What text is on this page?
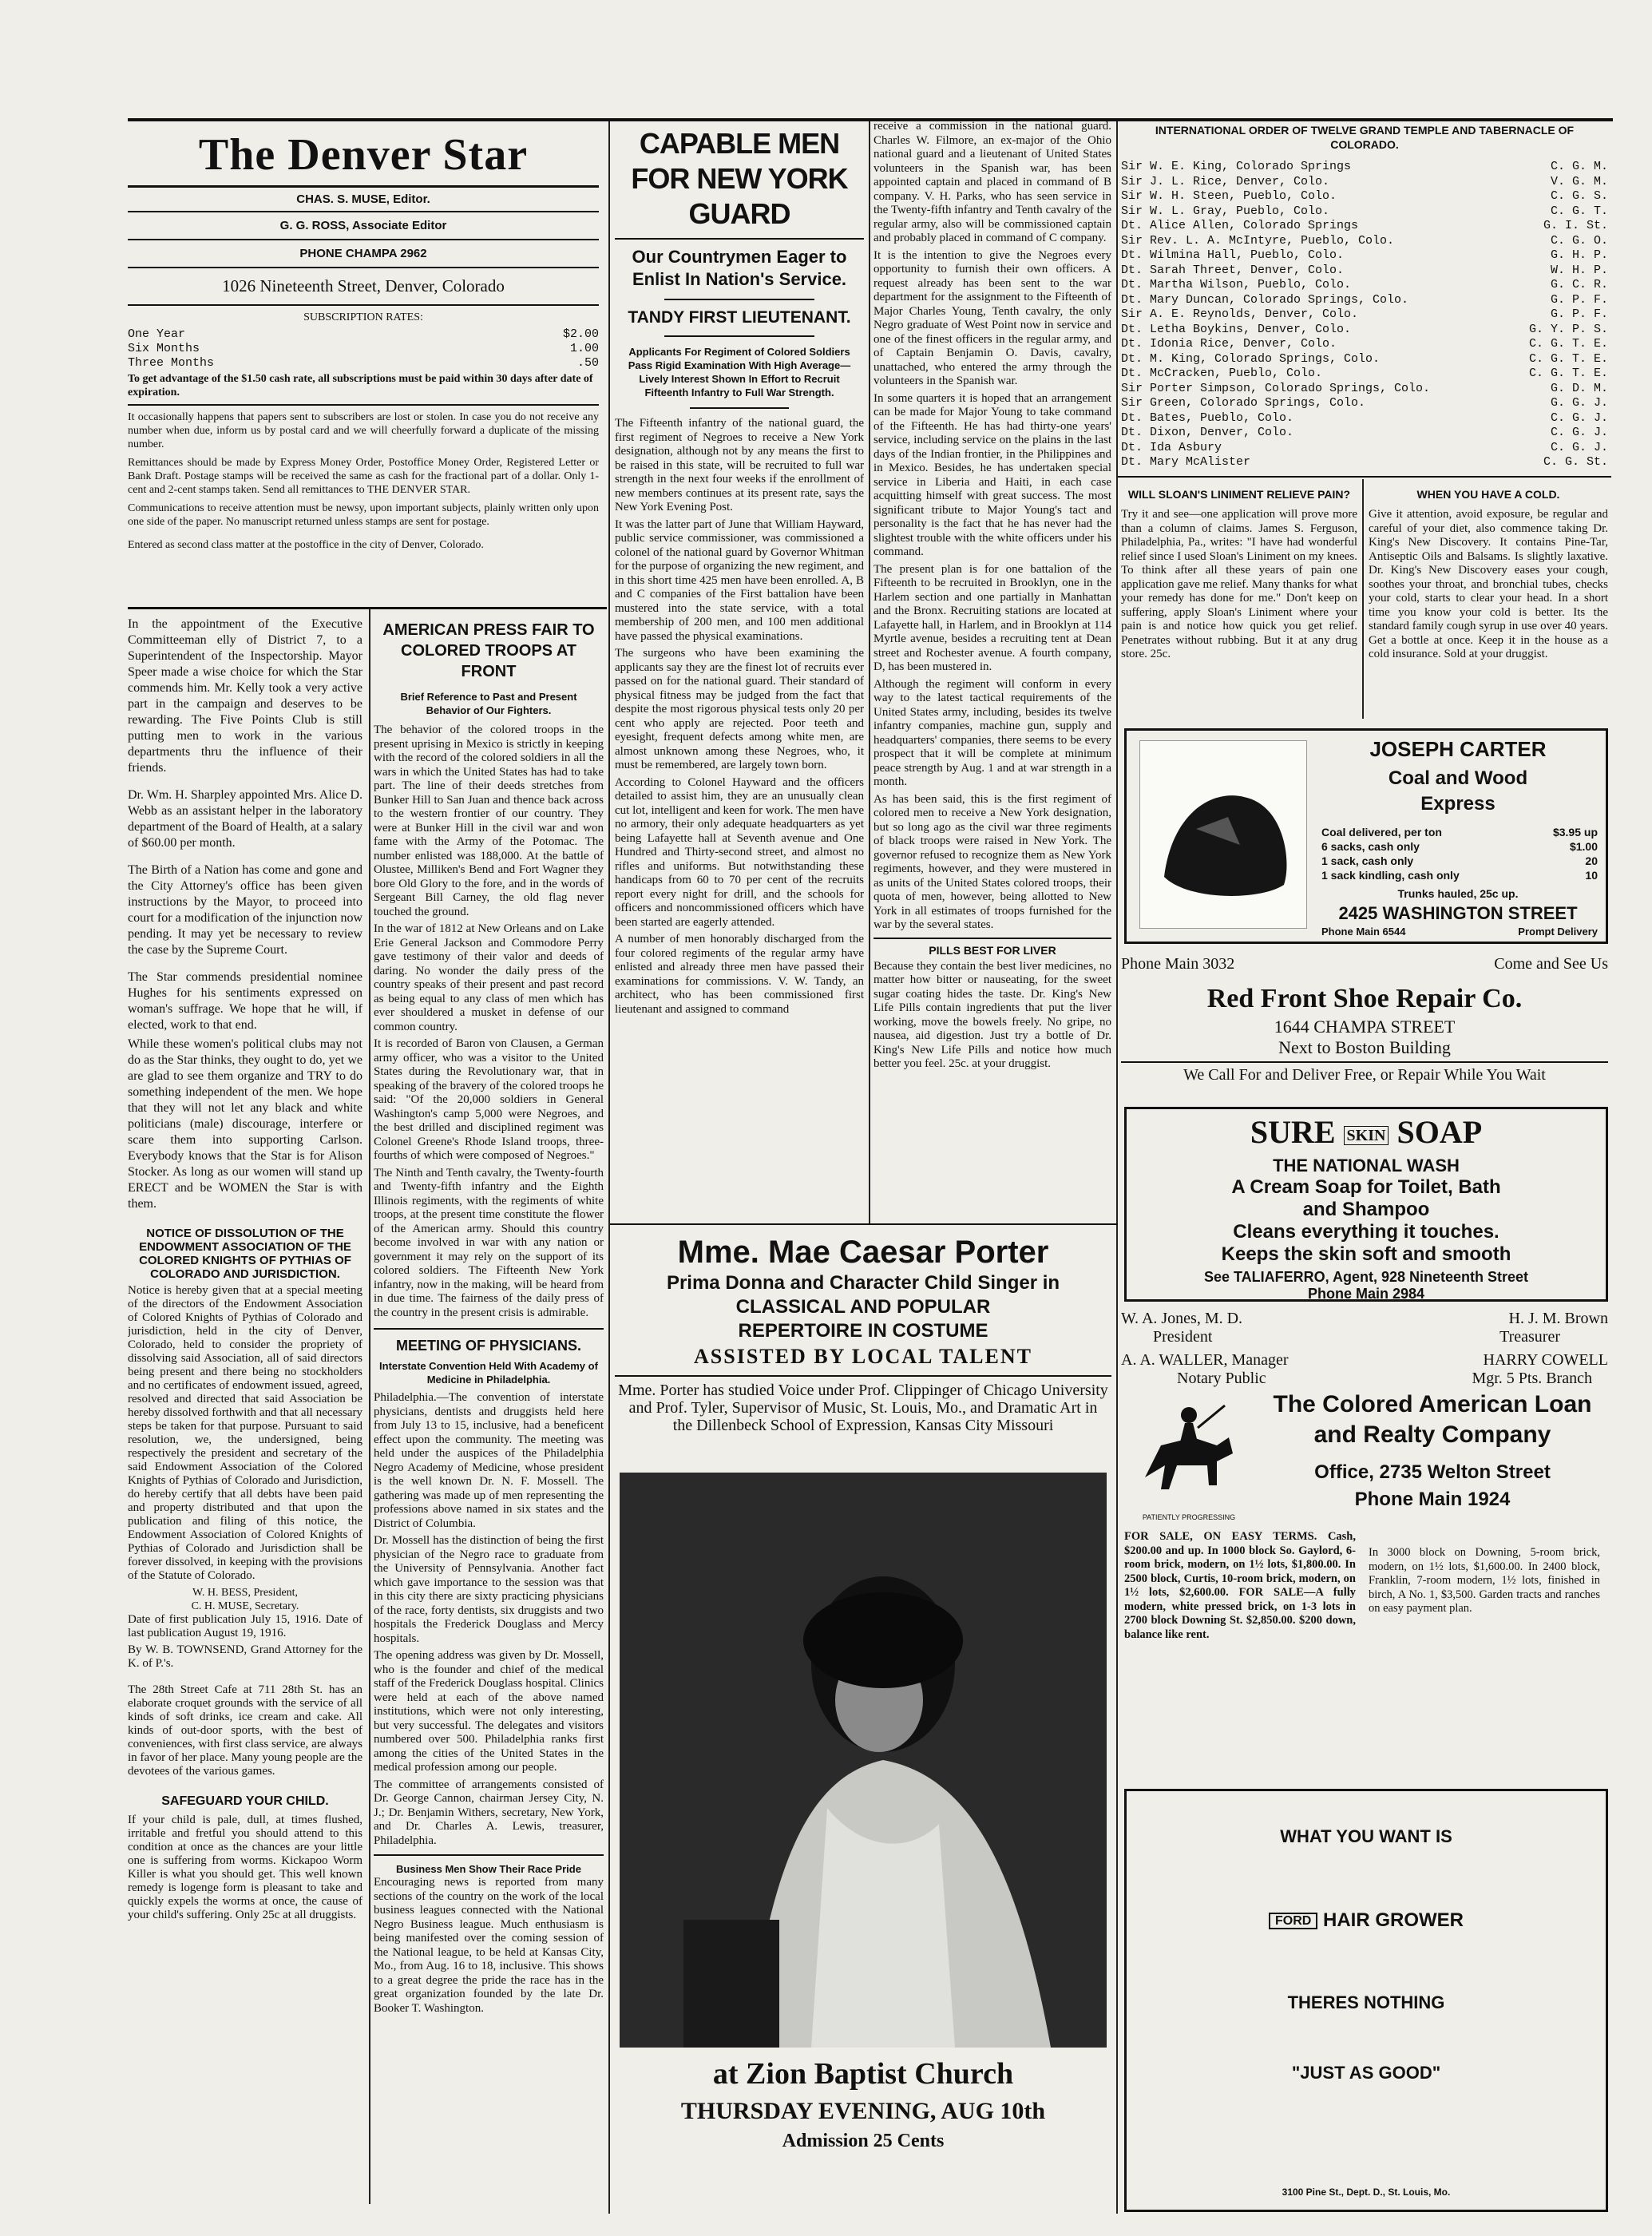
The Denver Star
CHAS. S. MUSE, Editor.
G. G. ROSS, Associate Editor
PHONE CHAMPA 2962
1026 Nineteenth Street, Denver, Colorado
SUBSCRIPTION RATES:
One Year	$2.00
Six Months	1.00
Three Months	.50
To get advantage of the $1.50 cash rate, all subscriptions must be paid within 30 days after date of expiration.
It occasionally happens that papers sent to subscribers are lost or stolen. In case you do not receive any number when due, inform us by postal card and we will cheerfully forward a duplicate of the missing number.
Remittances should be made by Express Money Order, Postoffice Money Order, Registered Letter or Bank Draft. Postage stamps will be received the same as cash for the fractional part of a dollar. Only 1-cent and 2-cent stamps taken. Send all remittances to THE DENVER STAR.
Communications to receive attention must be newsy, upon important subjects, plainly written only upon one side of the paper. No manuscript returned unless stamps are sent for postage.
Entered as second class matter at the postoffice in the city of Denver, Colorado.

In the appointment of the Executive Committeeman elly of District 7, to a Superintendent of the Inspectorship. Mayor Speer made a wise choice for which the Star commends him. Mr. Kelly took a very active part in the campaign and deserves to be rewarding. The Five Points Club is still putting men to work in the various departments thru the influence of their friends.

Dr. Wm. H. Sharpley appointed Mrs. Alice D. Webb as an assistant helper in the laboratory department of the Board of Health, at a salary of $60.00 per month.

The Birth of a Nation has come and gone and the City Attorney's office has been given instructions by the Mayor, to proceed into court for a modification of the injunction now pending. It may yet be necessary to review the case by the Supreme Court.

The Star commends presidential nominee Hughes for his sentiments expressed on woman's suffrage. We hope that he will, if elected, work to that end.

While these women's political clubs may not do as the Star thinks, they ought to do, yet we are glad to see them organize and TRY to do something independent of the men. We hope that they will not let any black and white politicians (male) discourage, interfere or scare them into supporting Carlson. Everybody knows that the Star is for Alison Stocker. As long as our women will stand up ERECT and be WOMEN the Star is with them.

NOTICE OF DISSOLUTION OF THE ENDOWMENT ASSOCIATION OF THE COLORED KNIGHTS OF PYTHIAS OF COLORADO AND JURISDICTION.

Notice is hereby given that at a special meeting of the directors of the Endowment Association of Colored Knights of Pythias of Colorado and jurisdiction, held in the city of Denver, Colorado, held to consider the propriety of dissolving said Association, all of said directors being present and there being no stockholders and no certificates of endowment issued, agreed, resolved and directed that said Association be hereby dissolved forthwith and that all necessary steps be taken for that purpose. Pursuant to said resolution, we, the undersigned, being respectively the president and secretary of the said Endowment Association of the Colored Knights of Pythias of Colorado and Jurisdiction, do hereby certify that all debts have been paid and property distributed and that upon the publication and filing of this notice, the Endowment Association of Colored Knights of Pythias of Colorado and Jurisdiction shall be forever dissolved, in keeping with the provisions of the Statute of Colorado.

W. H. BESS, President,
C. H. MUSE, Secretary.

Date of first publication July 15, 1916. Date of last publication August 19, 1916.

By W. B. TOWNSEND, Grand Attorney for the K. of P.'s.

The 28th Street Cafe at 711 28th St. has an elaborate croquet grounds with the service of all kinds of soft drinks, ice cream and cake. All kinds of out-door sports, with the best of conveniences, with first class service, are always in favor of her place. Many young people are the devotees of the various games.

SAFEGUARD YOUR CHILD.

If your child is pale, dull, at times flushed, irritable and fretful you should attend to this condition at once as the chances are your little one is suffering from worms. Kickapoo Worm Killer is what you should get. This well known remedy is logenge form is pleasant to take and quickly expels the worms at once, the cause of your child's suffering. Only 25c at all druggists.

AMERICAN PRESS FAIR TO COLORED TROOPS AT FRONT
Brief Reference to Past and Present Behavior of Our Fighters.

The behavior of the colored troops in the present uprising in Mexico is strictly in keeping with the record of the colored soldiers in all the wars in which the United States has had to take part. The line of their deeds stretches from Bunker Hill to San Juan and thence back across to the western frontier of our country. They were at Bunker Hill in the civil war and won fame with the Army of the Potomac. The number enlisted was 188,000. At the battle of Olustee, Milliken's Bend and Fort Wagner they bore Old Glory to the fore, and in the words of Sergeant Bill Carney, the old flag never touched the ground.

In the war of 1812 at New Orleans and on Lake Erie General Jackson and Commodore Perry gave testimony of their valor and deeds of daring. No wonder the daily press of the country speaks of their present and past record as being equal to any class of men which has ever shouldered a musket in defense of our common country.

It is recorded of Baron von Clausen, a German army officer, who was a visitor to the United States during the Revolutionary war, that in speaking of the bravery of the colored troops he said: "Of the 20,000 soldiers in General Washington's camp 5,000 were Negroes, and the best drilled and disciplined regiment was Colonel Greene's Rhode Island troops, three-fourths of which were composed of Negroes."

The Ninth and Tenth cavalry, the Twenty-fourth and Twenty-fifth infantry and the Eighth Illinois regiments, with the regiments of white troops, at the present time constitute the flower of the American army. Should this country become involved in war with any nation or government it may rely on the support of its colored soldiers. The Fifteenth New York infantry, now in the making, will be heard from in due time. The fairness of the daily press of the country in the present crisis is admirable.

MEETING OF PHYSICIANS.
Interstate Convention Held With Academy of Medicine in Philadelphia.

Philadelphia.—The convention of interstate physicians, dentists and druggists held here from July 13 to 15, inclusive, had a beneficent effect upon the community. The meeting was held under the auspices of the Philadelphia Negro Academy of Medicine, whose president is the well known Dr. N. F. Mossell. The gathering was made up of men representing the professions above named in six states and the District of Columbia.

Dr. Mossell has the distinction of being the first physician of the Negro race to graduate from the University of Pennsylvania. Another fact which gave importance to the session was that in this city there are sixty practicing physicians of the race, forty dentists, six druggists and two hospitals the Frederick Douglass and Mercy hospitals.

The opening address was given by Dr. Mossell, who is the founder and chief of the medical staff of the Frederick Douglass hospital. Clinics were held at each of the above named institutions, which were not only interesting, but very successful. The delegates and visitors numbered over 500. Philadelphia ranks first among the cities of the United States in the medical profession among our people.

The committee of arrangements consisted of Dr. George Cannon, chairman Jersey City, N. J.; Dr. Benjamin Withers, secretary, New York, and Dr. Charles A. Lewis, treasurer, Philadelphia.

Business Men Show Their Race Pride

Encouraging news is reported from many sections of the country on the work of the local business leagues connected with the National Negro Business league. Much enthusiasm is being manifested over the coming session of the National league, to be held at Kansas City, Mo., from Aug. 16 to 18, inclusive. This shows to a great degree the pride the race has in the great organization founded by the late Dr. Booker T. Washington.

CAPABLE MEN FOR NEW YORK GUARD
Our Countrymen Eager to Enlist In Nation's Service.
TANDY FIRST LIEUTENANT.
Applicants For Regiment of Colored Soldiers Pass Rigid Examination With High Average—Lively Interest Shown In Effort to Recruit Fifteenth Infantry to Full War Strength.

The Fifteenth infantry of the national guard, the first regiment of Negroes to receive a New York designation, although not by any means the first to be raised in this state, will be recruited to full war strength in the next four weeks if the enrollment of new members continues at its present rate, says the New York Evening Post.

It was the latter part of June that William Hayward, public service commissioner, was commissioned a colonel of the national guard by Governor Whitman for the purpose of organizing the new regiment, and in this short time 425 men have been enrolled. A, B and C companies of the First battalion have been mustered into the state service, with a total membership of 200 men, and 100 men additional have passed the physical examinations.

The surgeons who have been examining the applicants say they are the finest lot of recruits ever passed on for the national guard. Their standard of physical fitness may be judged from the fact that despite the most rigorous physical tests only 20 per cent who apply are rejected. Poor teeth and eyesight, frequent defects among white men, are almost unknown among these Negroes, who, it must be remembered, are largely town born.

According to Colonel Hayward and the officers detailed to assist him, they are an unusually clean cut lot, intelligent and keen for work. The men have no armory, their only adequate headquarters as yet being Lafayette hall at Seventh avenue and One Hundred and Thirty-second street, and almost no rifles and uniforms. But notwithstanding these handicaps from 60 to 70 per cent of the recruits report every night for drill, and the schools for officers and noncommissioned officers which have been started are eagerly attended.

A number of men honorably discharged from the four colored regiments of the regular army have enlisted and already three men have passed their examinations for commissions. V. W. Tandy, an architect, who has been commissioned first lieutenant and assigned to command

receive a commission in the national guard. Charles W. Filmore, an ex-major of the Ohio national guard and a lieutenant of United States volunteers in the Spanish war, has been appointed captain and placed in command of B company. V. H. Parks, who has seen service in the Twenty-fifth infantry and Tenth cavalry of the regular army, also will be commissioned captain and probably placed in command of C company.

It is the intention to give the Negroes every opportunity to furnish their own officers. A request already has been sent to the war department for the assignment to the Fifteenth of Major Charles Young, Tenth cavalry, the only Negro graduate of West Point now in service and one of the finest officers in the regular army, and of Captain Benjamin O. Davis, cavalry, unattached, who entered the army through the volunteers in the Spanish war.

In some quarters it is hoped that an arrangement can be made for Major Young to take command of the Fifteenth. He has had thirty-one years' service, including service on the plains in the last days of the Indian frontier, in the Philippines and in Mexico. Besides, he has undertaken special service in Liberia and Haiti, in each case acquitting himself with great success. The most significant tribute to Major Young's tact and personality is the fact that he has never had the slightest trouble with the white officers under his command.

The present plan is for one battalion of the Fifteenth to be recruited in Brooklyn, one in the Harlem section and one partially in Manhattan and the Bronx. Recruiting stations are located at Lafayette hall, in Harlem, and in Brooklyn at 114 Myrtle avenue, besides a recruiting tent at Dean street and Rochester avenue. A fourth company, D, has been mustered in.

Although the regiment will conform in every way to the latest tactical requirements of the United States army, including, besides its twelve infantry companies, machine gun, supply and headquarters' companies, there seems to be every prospect that it will be complete at minimum peace strength by Aug. 1 and at war strength in a month.

As has been said, this is the first regiment of colored men to receive a New York designation, but so long ago as the civil war three regiments of black troops were raised in New York. The governor refused to recognize them as New York regiments, however, and they were mustered in as units of the United States colored troops, their quota of men, however, being allotted to New York in all estimates of troops furnished for the war by the several states.

PILLS BEST FOR LIVER

Because they contain the best liver medicines, no matter how bitter or nauseating, for the sweet sugar coating hides the taste. Dr. King's New Life Pills contain ingredients that put the liver working, move the bowels freely. No gripe, no nausea, aid digestion. Just try a bottle of Dr. King's New Life Pills and notice how much better you feel. 25c. at your druggist.

Mme. Mae Caesar Porter
Prima Donna and Character Child Singer in
CLASSICAL AND POPULAR
REPERTOIRE IN COSTUME
ASSISTED BY LOCAL TALENT
Mme. Porter has studied Voice under Prof. Clippinger of Chicago University and Prof. Tyler, Supervisor of Music, St. Louis, Mo., and Dramatic Art in the Dillenbeck School of Expression, Kansas City Missouri
at Zion Baptist Church
THURSDAY EVENING, AUG 10th
Admission 25 Cents
INTERNATIONAL ORDER OF TWELVE GRAND TEMPLE AND TABERNACLE OF COLORADO.
Sir W. E. King, Colorado Springs	C. G. M.
Sir J. L. Rice, Denver, Colo.	V. G. M.
Sir W. H. Steen, Pueblo, Colo.	C. G. S.
Sir W. L. Gray, Pueblo, Colo.	C. G. T.
Dt. Alice Allen, Colorado Springs	G. I. St.
Sir Rev. L. A. McIntyre, Pueblo, Colo.	C. G. O.
Dt. Wilmina Hall, Pueblo, Colo.	G. H. P.
Dt. Sarah Threet, Denver, Colo.	W. H. P.
Dt. Martha Wilson, Pueblo, Colo.	G. C. R.
Dt. Mary Duncan, Colorado Springs, Colo.	G. P. F.
Sir A. E. Reynolds, Denver, Colo.	G. P. F.
Dt. Letha Boykins, Denver, Colo.	G. Y. P. S.
Dt. Idonia Rice, Denver, Colo.	C. G. T. E.
Dt. M. King, Colorado Springs, Colo.	C. G. T. E.
Dt. McCracken, Pueblo, Colo.	C. G. T. E.
Sir Porter Simpson, Colorado Springs, Colo.	G. D. M.
Sir Green, Colorado Springs, Colo.	G. G. J.
Dt. Bates, Pueblo, Colo.	C. G. J.
Dt. Dixon, Denver, Colo.	C. G. J.
Dt. Ida Asbury	C. G. J.
Dt. Mary McAlister	C. G. St.
WILL SLOAN'S LINIMENT RELIEVE PAIN?

Try it and see—one application will prove more than a column of claims. James S. Ferguson, Philadelphia, Pa., writes: "I have had wonderful relief since I used Sloan's Liniment on my knees. To think after all these years of pain one application gave me relief. Many thanks for what your remedy has done for me." Don't keep on suffering, apply Sloan's Liniment where your pain is and notice how quick you get relief. Penetrates without rubbing. But it at any drug store. 25c.

WHEN YOU HAVE A COLD.

Give it attention, avoid exposure, be regular and careful of your diet, also commence taking Dr. King's New Discovery. It contains Pine-Tar, Antiseptic Oils and Balsams. Is slightly laxative. Dr. King's New Discovery eases your cough, soothes your throat, and bronchial tubes, checks your cold, starts to clear your head. In a short time you know your cold is better. Its the standard family cough syrup in use over 40 years. Get a bottle at once. Keep it in the house as a cold insurance. Sold at your druggist.

JOSEPH CARTER
Coal and Wood
Express
Coal delivered, per ton	$3.95 up
6 sacks, cash only	$1.00
1 sack, cash only	20
1 sack kindling, cash only	10
Trunks hauled, 25c up.
2425 WASHINGTON STREET
Phone Main 6544	Prompt Delivery
Phone Main 3032	Come and See Us
Red Front Shoe Repair Co.
1644 CHAMPA STREET
Next to Boston Building
We Call For and Deliver Free, or Repair While You Wait
SURE SKIN SOAP
THE NATIONAL WASH
A Cream Soap for Toilet, Bath
and Shampoo
Cleans everything it touches.
Keeps the skin soft and smooth
See TALIAFERRO, Agent, 928 Nineteenth Street
Phone Main 2984
W. A. Jones, M. D.	H. J. M. Brown
President	Treasurer
A. A. WALLER, Manager	HARRY COWELL
Notary Public	Mgr. 5 Pts. Branch
PATIENTLY PROGRESSING
The Colored American Loan and Realty Company
Office, 2735 Welton Street
Phone Main 1924

FOR SALE, ON EASY TERMS. Cash, $200.00 and up. In 1000 block So. Gaylord, 6-room brick, modern, on 1½ lots, $1,800.00. In 2500 block, Curtis, 10-room brick, modern, on 1½ lots, $2,600.00. FOR SALE—A fully modern, white pressed brick, on 1-3 lots in 2700 block Downing St. $2,850.00. $200 down, balance like rent.

In 3000 block on Downing, 5-room brick, modern, on 1½ lots, $1,600.00. In 2400 block, Franklin, 7-room modern, 1½ lots, finished in birch, A No. 1, $3,500. Garden tracts and ranches on easy payment plan.

WHAT YOU WANT IS
FORD HAIR GROWER
THERES NOTHING
"JUST AS GOOD"
3100 Pine St., Dept. D., St. Louis, Mo.
